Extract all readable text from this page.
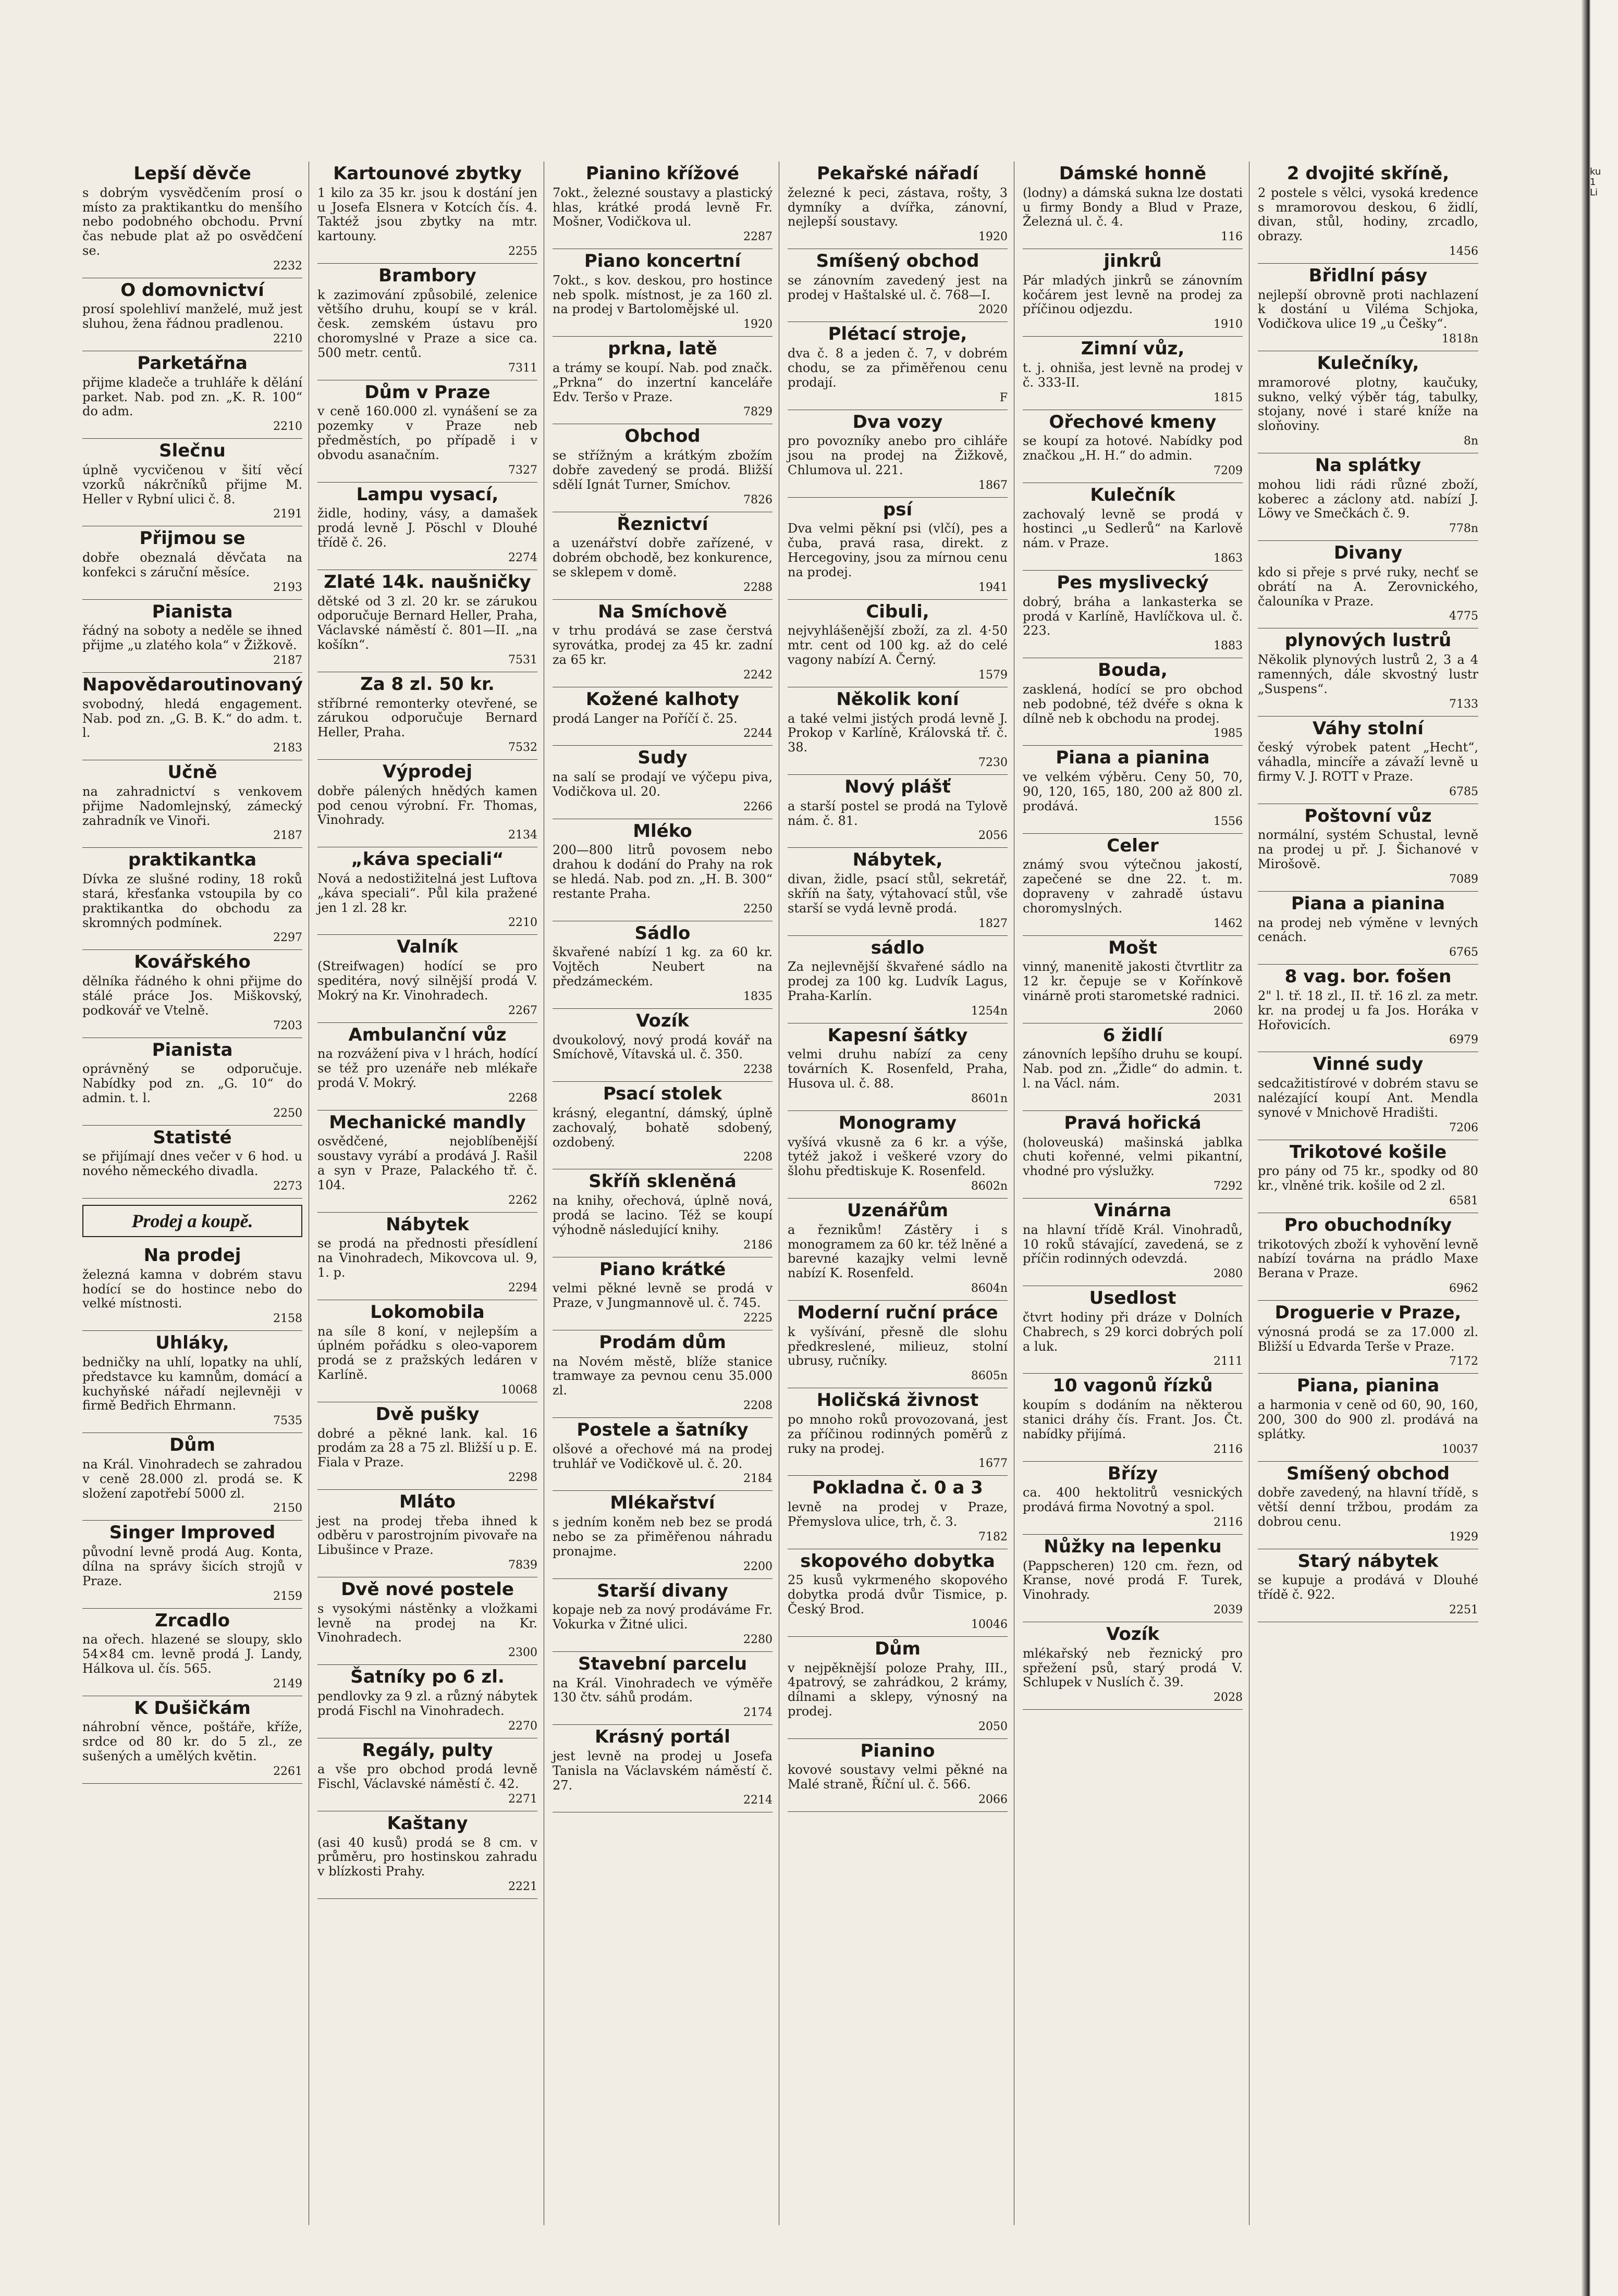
Lepší děvče

s dobrým vysvědčením prosí o místo za praktikantku do menšího nebo podobného obchodu. První čas nebude plat až po osvědčení se.

2232
O domovnictví

prosí spolehliví manželé, muž jest sluhou, žena řádnou pradlenou.

2210
Parketářna

přijme kladeče a truhláře k dělání parket. Nab. pod zn. „K. R. 100“ do adm.

2210
Slečnu

úplně vycvičenou v šití věcí vzorků nákrčníků přijme M. Heller v Rybní ulici č. 8.

2191
Přijmou se

dobře obeznalá děvčata na konfekci s záruční měsíce.

2193
Pianista

řádný na soboty a neděle se ihned přijme „u zlatého kola“ v Žižkově.

2187
Napovědaroutinovaný

svobodný, hledá engagement. Nab. pod zn. „G. B. K.“ do adm. t. l.

2183
Učně

na zahradnictví s venkovem přijme Nadomlejnský, zámecký zahradník ve Vinoři.

2187
praktikantka

Dívka ze slušné rodiny, 18 roků stará, křesťanka vstoupila by co praktikantka do obchodu za skromných podmínek.

2297
Kovářského

dělníka řádného k ohni přijme do stálé práce Jos. Miškovský, podkovář ve Vtelně.

7203
Pianista

oprávněný se odporučuje. Nabídky pod zn. „G. 10“ do admin. t. l.

2250
Statisté

se přijímají dnes večer v 6 hod. u nového německého divadla.

2273
Prodej a koupě.
Na prodej

železná kamna v dobrém stavu hodící se do hostince nebo do velké místnosti.

2158
Uhláky,

bedničky na uhlí, lopatky na uhlí, představce ku kamnům, domácí a kuchyňské nářadí nejlevněji v firmě Bedřich Ehrmann.

7535
Dům

na Král. Vinohradech se zahradou v ceně 28.000 zl. prodá se. K složení zapotřebí 5000 zl.

2150
Singer Improved

původní levně prodá Aug. Konta, dílna na správy šicích strojů v Praze.

2159
Zrcadlo

na ořech. hlazené se sloupy, sklo 54×84 cm. levně prodá J. Landy, Hálkova ul. čís. 565.

2149
K Dušičkám

náhrobní věnce, poštáře, kříže, srdce od 80 kr. do 5 zl., ze sušených a umělých květin.

2261
Kartounové zbytky

1 kilo za 35 kr. jsou k dostání jen u Josefa Elsnera v Kotcích čís. 4. Taktéž jsou zbytky na mtr. kartouny.

2255
Brambory

k zazimování způsobilé, zelenice většího druhu, koupí se v král. česk. zemském ústavu pro choromyslné v Praze a sice ca. 500 metr. centů.

7311
Dům v Praze

v ceně 160.000 zl. vynášení se za pozemky v Praze neb předměstích, po případě i v obvodu asanačním.

7327
Lampu vysací,

židle, hodiny, vásy, a damašek prodá levně J. Pöschl v Dlouhé třídě č. 26.

2274
Zlaté 14k. naušničky

dětské od 3 zl. 20 kr. se zárukou odporučuje Bernard Heller, Praha, Václavské náměstí č. 801—II. „na košíkn“.

7531
Za 8 zl. 50 kr.

stříbrné remonterky otevřené, se zárukou odporučuje Bernard Heller, Praha.

7532
Výprodej

dobře pálených hnědých kamen pod cenou výrobní. Fr. Thomas, Vinohrady.

2134
„káva speciali“

Nová a nedostižitelná jest Luftova „káva speciali“. Půl kila pražené jen 1 zl. 28 kr.

2210
Valník

(Streifwagen) hodící se pro speditéra, nový silnější prodá V. Mokrý na Kr. Vinohradech.

2267
Ambulanční vůz

na rozvážení piva v l hrách, hodící se též pro uzenáře neb mlékaře prodá V. Mokrý.

2268
Mechanické mandly

osvědčené, nejoblíbenější soustavy vyrábí a prodává J. Rašil a syn v Praze, Palackého tř. č. 104.

2262
Nábytek

se prodá na přednosti přesídlení na Vinohradech, Mikovcova ul. 9, 1. p.

2294
Lokomobila

na síle 8 koní, v nejlepším a úplném pořádku s oleo-vaporem prodá se z pražských ledáren v Karlíně.

10068
Dvě pušky

dobré a pěkné lank. kal. 16 prodám za 28 a 75 zl. Bližší u p. E. Fiala v Praze.

2298
Mláto

jest na prodej třeba ihned k odběru v parostrojním pivovaře na Libušince v Praze.

7839
Dvě nové postele

s vysokými nástěnky a vložkami levně na prodej na Kr. Vinohradech.

2300
Šatníky po 6 zl.

pendlovky za 9 zl. a různý nábytek prodá Fischl na Vinohradech.

2270
Regály, pulty

a vše pro obchod prodá levně Fischl, Václavské náměstí č. 42.

2271
Kaštany

(asi 40 kusů) prodá se 8 cm. v průměru, pro hostinskou zahradu v blízkosti Prahy.

2221
Pianino křížové

7okt., železné soustavy a plastický hlas, krátké prodá levně Fr. Mošner, Vodičkova ul.

2287
Piano koncertní

7okt., s kov. deskou, pro hostince neb spolk. místnost, je za 160 zl. na prodej v Bartolomějské ul.

1920
prkna, latě

a trámy se koupí. Nab. pod značk. „Prkna“ do inzertní kanceláře Edv. Teršo v Praze.

7829
Obchod

se střížným a krátkým zbožím dobře zavedený se prodá. Bližší sdělí Ignát Turner, Smíchov.

7826
Řeznictví

a uzenářství dobře zařízené, v dobrém obchodě, bez konkurence, se sklepem v domě.

2288
Na Smíchově

v trhu prodává se zase čerstvá syrovátka, prodej za 45 kr. zadní za 65 kr.

2242
Kožené kalhoty

prodá Langer na Poříčí č. 25.

2244
Sudy

na salí se prodají ve výčepu piva, Vodičkova ul. 20.

2266
Mléko

200—800 litrů povosem nebo drahou k dodání do Prahy na rok se hledá. Nab. pod zn. „H. B. 300“ restante Praha.

2250
Sádlo

škvařené nabízí 1 kg. za 60 kr. Vojtěch Neubert na předzámeckém.

1835
Vozík

dvoukolový, nový prodá kovář na Smíchově, Vítavská ul. č. 350.

2238
Psací stolek

krásný, elegantní, dámský, úplně zachovalý, bohatě sdobený, ozdobený.

2208
Skříň skleněná

na knihy, ořechová, úplně nová, prodá se lacino. Též se koupí výhodně následující knihy.

2186
Piano krátké

velmi pěkné levně se prodá v Praze, v Jungmannově ul. č. 745.

2225
Prodám dům

na Novém městě, blíže stanice tramwaye za pevnou cenu 35.000 zl.

2208
Postele a šatníky

olšové a ořechové má na prodej truhlář ve Vodičkově ul. č. 20.

2184
Mlékařství

s jedním koněm neb bez se prodá nebo se za přiměřenou náhradu pronajme.

2200
Starší divany

kopaje neb za nový prodáváme Fr. Vokurka v Žitné ulici.

2280
Stavební parcelu

na Král. Vinohradech ve výměře 130 čtv. sáhů prodám.

2174
Krásný portál

jest levně na prodej u Josefa Tanisla na Václavském náměstí č. 27.

2214
Pekařské nářadí

železné k peci, zástava, rošty, 3 dymníky a dvířka, zánovní, nejlepší soustavy.

1920
Smíšený obchod

se zánovním zavedený jest na prodej v Haštalské ul. č. 768—I.

2020
Plétací stroje,

dva č. 8 a jeden č. 7, v dobrém chodu, se za přiměřenou cenu prodají.

F
Dva vozy

pro povozníky anebo pro cihláře jsou na prodej na Žižkově, Chlumova ul. 221.

1867
psí

Dva velmi pěkní psi (vlčí), pes a čuba, pravá rasa, direkt. z Hercegoviny, jsou za mírnou cenu na prodej.

1941
Cibuli,

nejvyhlášenější zboží, za zl. 4·50 mtr. cent od 100 kg. až do celé vagony nabízí A. Černý.

1579
Několik koní

a také velmi jistých prodá levně J. Prokop v Karlíně, Královská tř. č. 38.

7230
Nový plášť

a starší postel se prodá na Tylově nám. č. 81.

2056
Nábytek,

divan, židle, psací stůl, sekretář, skříň na šaty, výtahovací stůl, vše starší se vydá levně prodá.

1827
sádlo

Za nejlevnější škvařené sádlo na prodej za 100 kg. Ludvík Lagus, Praha-Karlín.

1254n
Kapesní šátky

velmi druhu nabízí za ceny továrních K. Rosenfeld, Praha, Husova ul. č. 88.

8601n
Monogramy

vyšívá vkusně za 6 kr. a výše, tytéž jakož i veškeré vzory do šlohu předtiskuje K. Rosenfeld.

8602n
Uzenářům

a řeznikům! Zástěry i s monogramem za 60 kr. též lněné a barevné kazajky velmi levně nabízí K. Rosenfeld.

8604n
Moderní ruční práce

k vyšívání, přesně dle slohu předkreslené, milieuz, stolní ubrusy, ručníky.

8605n
Holičská živnost

po mnoho roků provozovaná, jest za příčinou rodinných poměrů z ruky na prodej.

1677
Pokladna č. 0 a 3

levně na prodej v Praze, Přemyslova ulice, trh, č. 3.

7182
skopového dobytka

25 kusů vykrmeného skopového dobytka prodá dvůr Tismice, p. Český Brod.

10046
Dům

v nejpěknější poloze Prahy, III., 4patrový, se zahrádkou, 2 krámy, dílnami a sklepy, výnosný na prodej.

2050
Pianino

kovové soustavy velmi pěkné na Malé straně, Říční ul. č. 566.

2066
Dámské honně

(lodny) a dámská sukna lze dostati u firmy Bondy a Blud v Praze, Železná ul. č. 4.

116
jinkrů

Pár mladých jinkrů se zánovním kočárem jest levně na prodej za příčinou odjezdu.

1910
Zimní vůz,

t. j. ohniša, jest levně na prodej v č. 333-II.

1815
Ořechové kmeny

se koupí za hotové. Nabídky pod značkou „H. H.“ do admin.

7209
Kulečník

zachovalý levně se prodá v hostinci „u Sedlerů“ na Karlově nám. v Praze.

1863
Pes myslivecký

dobrý, bráha a lankasterka se prodá v Karlíně, Havlíčkova ul. č. 223.

1883
Bouda,

zasklená, hodící se pro obchod neb podobné, též dvéře s okna k dílně neb k obchodu na prodej.

1985
Piana a pianina

ve velkém výběru. Ceny 50, 70, 90, 120, 165, 180, 200 až 800 zl. prodává.

1556
Celer

známý svou výtečnou jakostí, zapečené se dne 22. t. m. dopraveny v zahradě ústavu choromyslných.

1462
Mošt

vinný, manenitě jakosti čtvrtlitr za 12 kr. čepuje se v Kořínkově vinárně proti starometské radnici.

2060
6 židlí

zánovních lepšího druhu se koupí. Nab. pod zn. „Židle“ do admin. t. l. na Václ. nám.

2031
Pravá hořická

(holoveuská) mašinská jablka chuti kořenné, velmi pikantní, vhodné pro výslužky.

7292
Vinárna

na hlavní třídě Král. Vinohradů, 10 roků stávající, zavedená, se z příčin rodinných odevzdá.

2080
Usedlost

čtvrt hodiny při dráze v Dolních Chabrech, s 29 korci dobrých polí a luk.

2111
10 vagonů řízků

koupím s dodáním na některou stanici dráhy čís. Frant. Jos. Čt. nabídky přijímá.

2116
Břízy

ca. 400 hektolitrů vesnických prodává firma Novotný a spol.

2116
Nůžky na lepenku

(Pappscheren) 120 cm. řezn, od Kranse, nové prodá F. Turek, Vinohrady.

2039
Vozík

mlékařský neb řeznický pro spřežení psů, starý prodá V. Schlupek v Nuslích č. 39.

2028
2 dvojité skříně,

2 postele s vělci, vysoká kredence s mramorovou deskou, 6 židlí, divan, stůl, hodiny, zrcadlo, obrazy.

1456
Břidlní pásy

nejlepší obrovně proti nachlazení k dostání u Viléma Schjoka, Vodičkova ulice 19 „u Češky“.

1818n
Kulečníky,

mramorové plotny, kaučuky, sukno, velký výběr tág, tabulky, stojany, nové i staré kníže na sloňoviny.

8n
Na splátky

mohou lidi rádi různé zboží, koberec a záclony atd. nabízí J. Löwy ve Smečkách č. 9.

778n
Divany

kdo si přeje s prvé ruky, nechť se obrátí na A. Zerovnického, čalouníka v Praze.

4775
plynových lustrů

Několik plynových lustrů 2, 3 a 4 ramenných, dále skvostný lustr „Suspens“.

7133
Váhy stolní

český výrobek patent „Hecht“, váhadla, mincíře a závaží levně u firmy V. J. ROTT v Praze.

6785
Poštovní vůz

normální, systém Schustal, levně na prodej u př. J. Šichanové v Mirošově.

7089
Piana a pianina

na prodej neb výměne v levných cenách.

6765
8 vag. bor. fošen

2" l. tř. 18 zl., II. tř. 16 zl. za metr. kr. na prodej u fa Jos. Horáka v Hořovicích.

6979
Vinné sudy

sedcažitistírové v dobrém stavu se nalézající koupí Ant. Mendla synové v Mnichově Hradišti.

7206
Trikotové košile

pro pány od 75 kr., spodky od 80 kr., vlněné trik. košile od 2 zl.

6581
Pro obuchodníky

trikotových zboží k vyhovění levně nabízí továrna na prádlo Maxe Berana v Praze.

6962
Droguerie v Praze,

výnosná prodá se za 17.000 zl. Bližší u Edvarda Terše v Praze.

7172
Piana, pianina

a harmonia v ceně od 60, 90, 160, 200, 300 do 900 zl. prodává na splátky.

10037
Smíšený obchod

dobře zavedený, na hlavní třídě, s větší denní tržbou, prodám za dobrou cenu.

1929
Starý nábytek

se kupuje a prodává v Dlouhé třídě č. 922.

2251
ku
1
Li
